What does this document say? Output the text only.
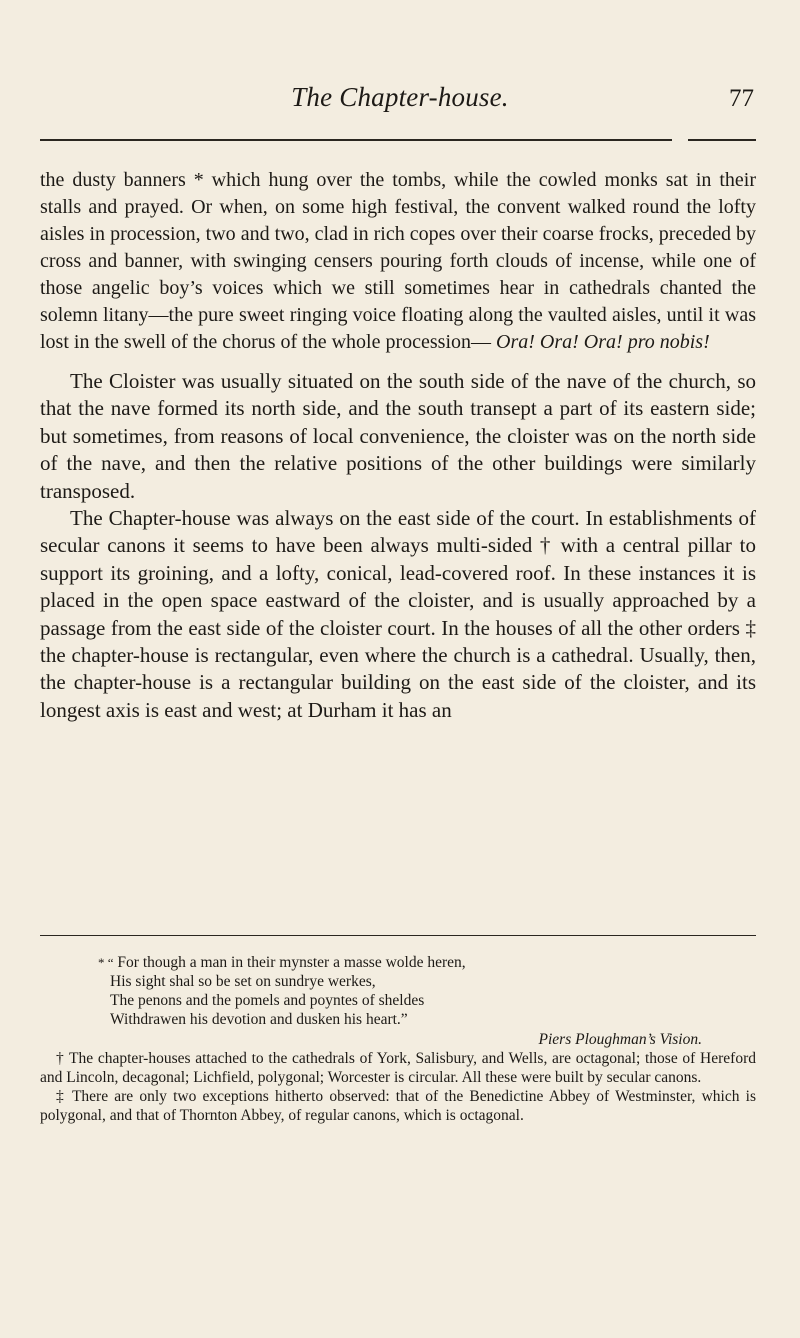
The Chapter-house.	77

the dusty banners * which hung over the tombs, while the cowled monks sat in their stalls and prayed. Or when, on some high festival, the convent walked round the lofty aisles in procession, two and two, clad in rich copes over their coarse frocks, preceded by cross and banner, with swinging censers pouring forth clouds of incense, while one of those angelic boy’s voices which we still sometimes hear in cathedrals chanted the solemn litany—the pure sweet ringing voice floating along the vaulted aisles, until it was lost in the swell of the chorus of the whole procession— Ora! Ora! Ora! pro nobis!

The Cloister was usually situated on the south side of the nave of the church, so that the nave formed its north side, and the south transept a part of its eastern side; but sometimes, from reasons of local convenience, the cloister was on the north side of the nave, and then the relative positions of the other buildings were similarly transposed.

The Chapter-house was always on the east side of the court. In establishments of secular canons it seems to have been always multi-sided † with a central pillar to support its groining, and a lofty, conical, lead-covered roof. In these instances it is placed in the open space eastward of the cloister, and is usually approached by a passage from the east side of the cloister court. In the houses of all the other orders ‡ the chapter-house is rectangular, even where the church is a cathedral. Usually, then, the chapter-house is a rectangular building on the east side of the cloister, and its longest axis is east and west; at Durham it has an

* “ For though a man in their mynster a masse wolde heren,
His sight shal so be set on sundrye werkes,
The penons and the pomels and poyntes of sheldes
Withdrawen his devotion and dusken his heart.”
Piers Ploughman’s Vision.

† The chapter-houses attached to the cathedrals of York, Salisbury, and Wells, are octagonal; those of Hereford and Lincoln, decagonal; Lichfield, polygonal; Worcester is circular. All these were built by secular canons.

‡ There are only two exceptions hitherto observed: that of the Benedictine Abbey of Westminster, which is polygonal, and that of Thornton Abbey, of regular canons, which is octagonal.
